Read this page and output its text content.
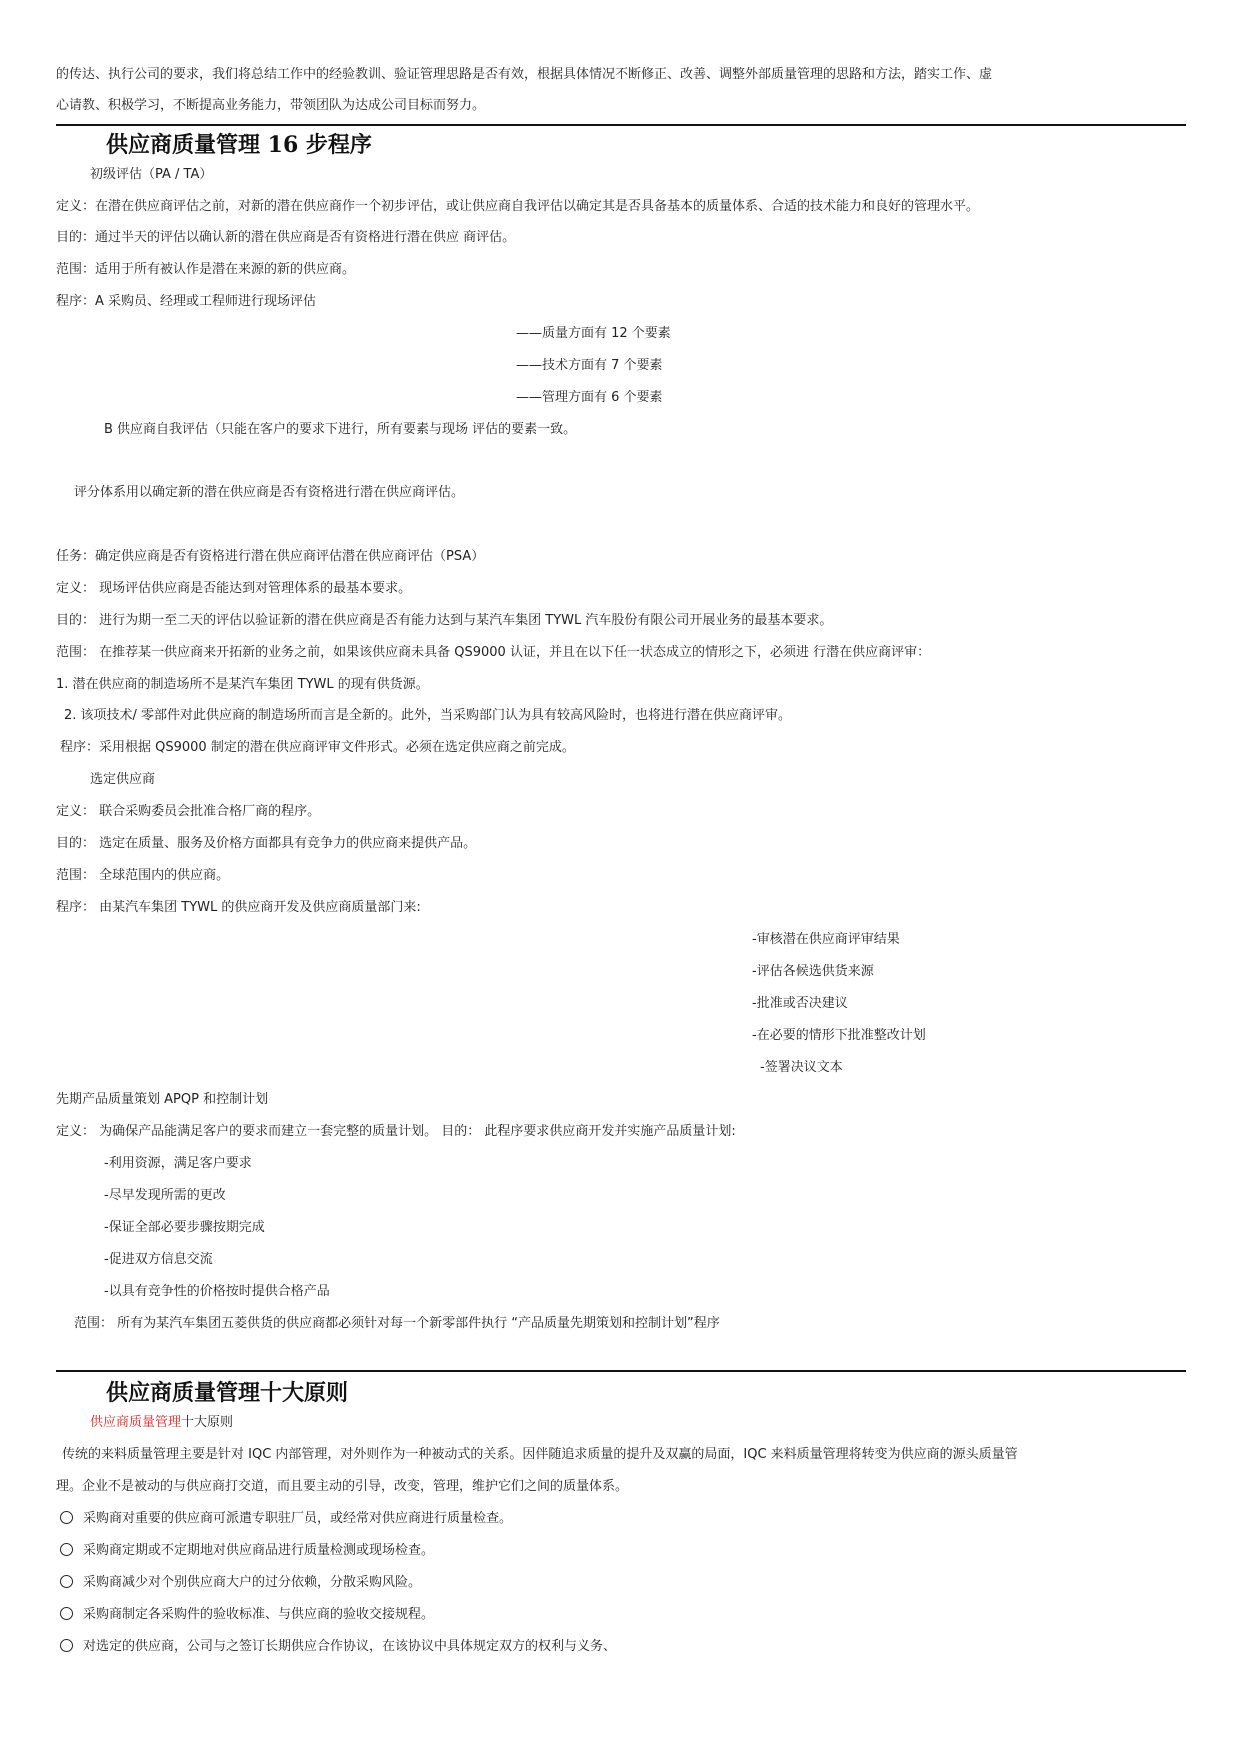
的传达、执行公司的要求，我们将总结工作中的经验教训、验证管理思路是否有效，根据具体情况不断修正、改善、调整外部质量管理的思路和方法，踏实工作、虚
心请教、积极学习，不断提高业务能力，带领团队为达成公司目标而努力。
供应商质量管理 16 步程序
初级评估（PA / TA）
定义：在潜在供应商评估之前，对新的潜在供应商作一个初步评估，或让供应商自我评估以确定其是否具备基本的质量体系、合适的技术能力和良好的管理水平。
目的：通过半天的评估以确认新的潜在供应商是否有资格进行潜在供应 商评估。
范围：适用于所有被认作是潜在来源的新的供应商。
程序：A 采购员、经理或工程师进行现场评估
——质量方面有 12 个要素
——技术方面有 7 个要素
——管理方面有 6 个要素
B 供应商自我评估（只能在客户的要求下进行，所有要素与现场 评估的要素一致。
评分体系用以确定新的潜在供应商是否有资格进行潜在供应商评估。
任务：确定供应商是否有资格进行潜在供应商评估潜在供应商评估（PSA）
定义： 现场评估供应商是否能达到对管理体系的最基本要求。
目的： 进行为期一至二天的评估以验证新的潜在供应商是否有能力达到与某汽车集团 TYWL 汽车股份有限公司开展业务的最基本要求。
范围： 在推荐某一供应商来开拓新的业务之前，如果该供应商未具备 QS9000 认证，并且在以下任一状态成立的情形之下，必须进 行潜在供应商评审：
1. 潜在供应商的制造场所不是某汽车集团 TYWL 的现有供货源。
2. 该项技术/ 零部件对此供应商的制造场所而言是全新的。此外，当采购部门认为具有较高风险时，也将进行潜在供应商评审。
程序：采用根据 QS9000 制定的潜在供应商评审文件形式。必须在选定供应商之前完成。
选定供应商
定义： 联合采购委员会批准合格厂商的程序。
目的： 选定在质量、服务及价格方面都具有竞争力的供应商来提供产品。
范围： 全球范围内的供应商。
程序： 由某汽车集团 TYWL 的供应商开发及供应商质量部门来:
-审核潜在供应商评审结果
-评估各候选供货来源
-批准或否决建议
-在必要的情形下批准整改计划
-签署决议文本
先期产品质量策划 APQP 和控制计划
定义： 为确保产品能满足客户的要求而建立一套完整的质量计划。 目的： 此程序要求供应商开发并实施产品质量计划:
-利用资源，满足客户要求
-尽早发现所需的更改
-保证全部必要步骤按期完成
-促进双方信息交流
-以具有竞争性的价格按时提供合格产品
范围： 所有为某汽车集团五菱供货的供应商都必须针对每一个新零部件执行 “产品质量先期策划和控制计划”程序
供应商质量管理十大原则
供应商质量管理十大原则
传统的来料质量管理主要是针对 IQC 内部管理，对外则作为一种被动式的关系。因伴随追求质量的提升及双赢的局面，IQC 来料质量管理将转变为供应商的源头质量管
理。企业不是被动的与供应商打交道，而且要主动的引导，改变，管理，维护它们之间的质量体系。
采购商对重要的供应商可派遣专职驻厂员，或经常对供应商进行质量检查。
采购商定期或不定期地对供应商品进行质量检测或现场检查。
采购商减少对个别供应商大户的过分依赖，分散采购风险。
采购商制定各采购件的验收标准、与供应商的验收交接规程。
对选定的供应商，公司与之签订长期供应合作协议，在该协议中具体规定双方的权利与义务、
